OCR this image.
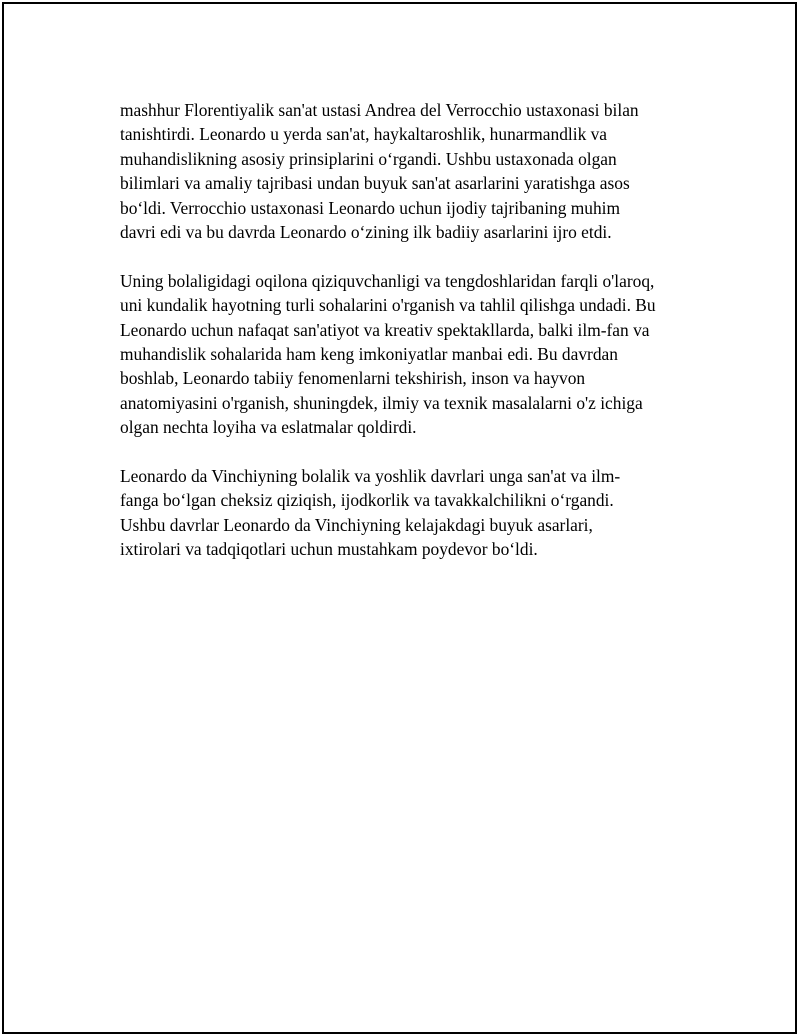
mashhur Florentiyalik san'at ustasi Andrea del Verrocchio ustaxonasi bilan
tanishtirdi. Leonardo u yerda san'at, haykaltaroshlik, hunarmandlik va
muhandislikning asosiy prinsiplarini o‘rgandi. Ushbu ustaxonada olgan
bilimlari va amaliy tajribasi undan buyuk san'at asarlarini yaratishga asos
bo‘ldi. Verrocchio ustaxonasi Leonardo uchun ijodiy tajribaning muhim
davri edi va bu davrda Leonardo o‘zining ilk badiiy asarlarini ijro etdi.

Uning bolaligidagi oqilona qiziquvchanligi va tengdoshlaridan farqli o'laroq,
uni kundalik hayotning turli sohalarini o'rganish va tahlil qilishga undadi. Bu
Leonardo uchun nafaqat san'atiyot va kreativ spektakllarda, balki ilm-fan va
muhandislik sohalarida ham keng imkoniyatlar manbai edi. Bu davrdan
boshlab, Leonardo tabiiy fenomenlarni tekshirish, inson va hayvon
anatomiyasini o'rganish, shuningdek, ilmiy va texnik masalalarni o'z ichiga
olgan nechta loyiha va eslatmalar qoldirdi.

Leonardo da Vinchiyning bolalik va yoshlik davrlari unga san'at va ilm-
fanga bo‘lgan cheksiz qiziqish, ijodkorlik va tavakkalchilikni o‘rgandi.
Ushbu davrlar Leonardo da Vinchiyning kelajakdagi buyuk asarlari,
ixtirolari va tadqiqotlari uchun mustahkam poydevor bo‘ldi.
